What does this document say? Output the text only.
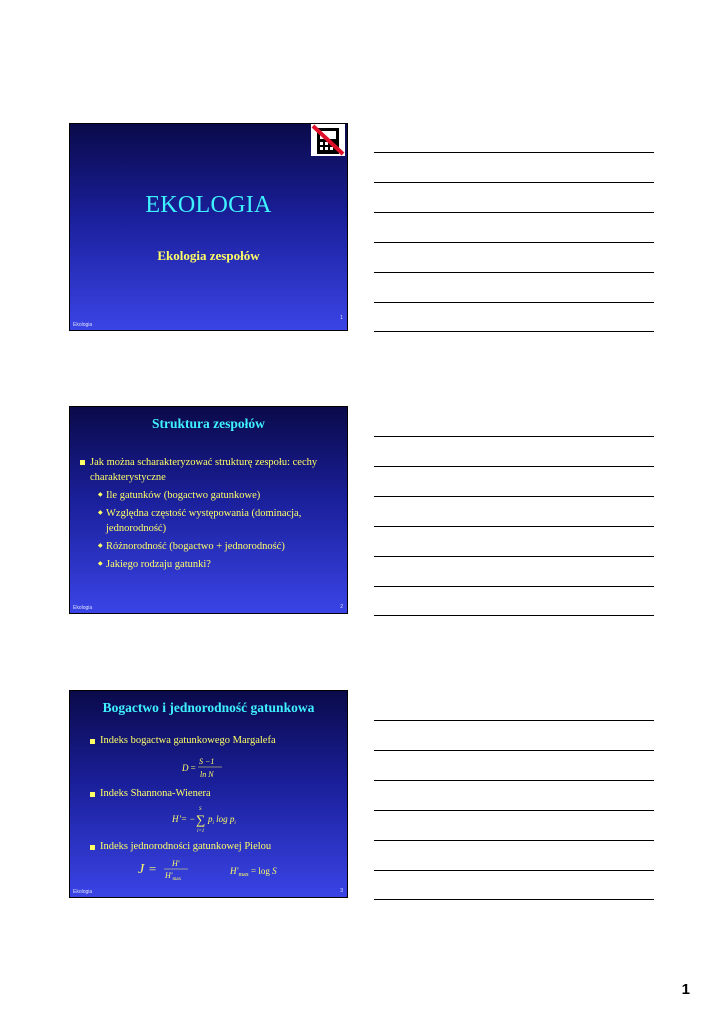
EKOLOGIA
Ekologia zespołów
1
Ekologia
Struktura zespołów
Jak można scharakteryzować strukturę zespołu: cechy charakterystyczne
◆ Ile gatunków (bogactwo gatunkowe)
◆ Względna częstość występowania (dominacja, jednorodność)
◆ Różnorodność (bogactwo + jednorodność)
◆ Jakiego rodzaju gatunki?
2
Ekologia
Bogactwo i jednorodność gatunkowa
Indeks bogactwa gatunkowego Margalefa
D =
S −1
ln N
Indeks Shannona-Wienera
H '= −
S
∑
i=1
$p_i$ $\log p_i$
Indeks jednorodności gatunkowej Pielou
J = H'
$H'_{max}$
$H'_{max} = \log S$
3
Ekologia
1
